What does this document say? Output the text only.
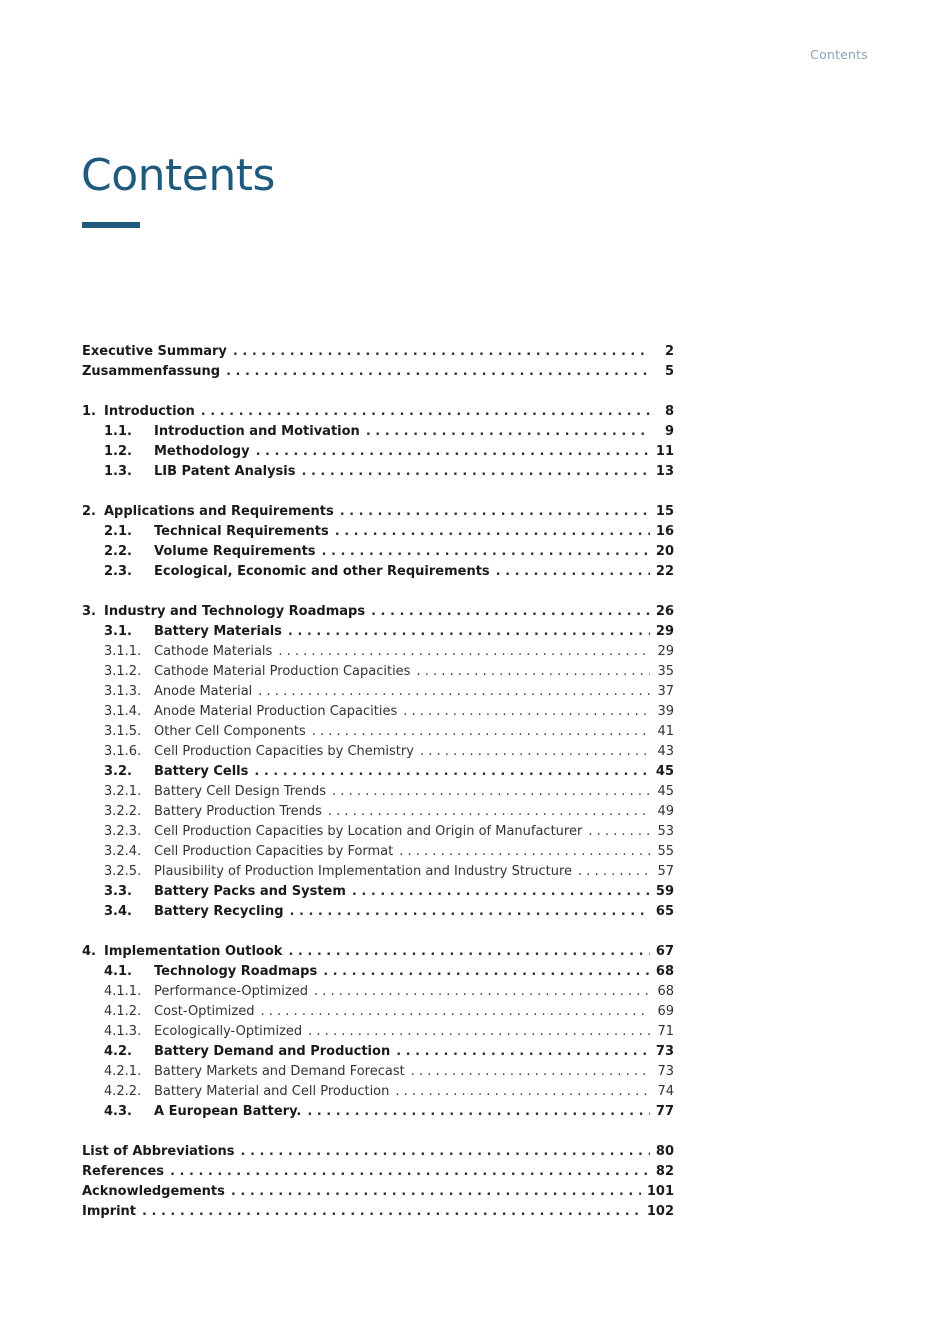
Contents
Contents
Executive Summary . . .	2
Zusammenfassung . . .	5
1. Introduction . . .	8
1.1.	Introduction and Motivation . . .	9
1.2.	Methodology . . .	11
1.3.	LIB Patent Analysis . . .	13
2. Applications and Requirements . . .	15
2.1.	Technical Requirements . . .	16
2.2.	Volume Requirements . . .	20
2.3.	Ecological, Economic and other Requirements . . .	22
3. Industry and Technology Roadmaps . . .	26
3.1.	Battery Materials . . .	29
3.1.1. Cathode Materials . . .	29
3.1.2. Cathode Material Production Capacities . . .	35
3.1.3. Anode Material . . .	37
3.1.4. Anode Material Production Capacities . . .	39
3.1.5. Other Cell Components . . .	41
3.1.6. Cell Production Capacities by Chemistry . . .	43
3.2.	Battery Cells . . .	45
3.2.1. Battery Cell Design Trends . . .	45
3.2.2. Battery Production Trends . . .	49
3.2.3. Cell Production Capacities by Location and Origin of Manufacturer . . .	53
3.2.4. Cell Production Capacities by Format . . .	55
3.2.5. Plausibility of Production Implementation and Industry Structure . . .	57
3.3.	Battery Packs and System . . .	59
3.4.	Battery Recycling . . .	65
4. Implementation Outlook . . .	67
4.1.	Technology Roadmaps . . .	68
4.1.1. Performance-Optimized . . .	68
4.1.2. Cost-Optimized . . .	69
4.1.3. Ecologically-Optimized . . .	71
4.2.	Battery Demand and Production . . .	73
4.2.1. Battery Markets and Demand Forecast . . .	73
4.2.2. Battery Material and Cell Production . . .	74
4.3.	A European Battery. . . .	77
List of Abbreviations . . .	80
References . . .	82
Acknowledgements . . .	101
Imprint . . .	102
